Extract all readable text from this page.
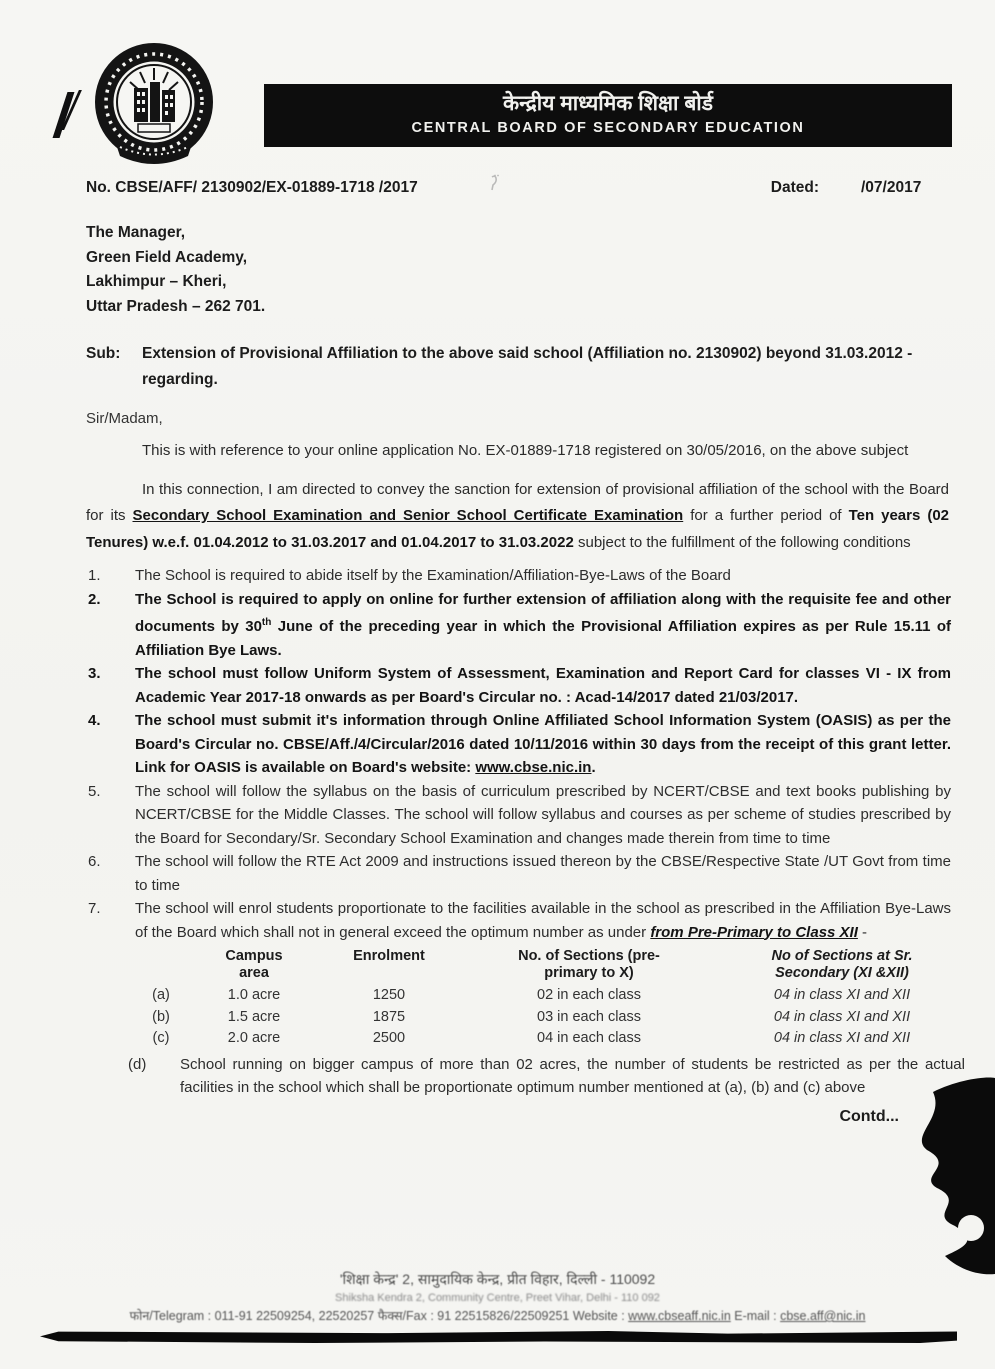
केन्द्रीय माध्यमिक शिक्षा बोर्ड
CENTRAL BOARD OF SECONDARY EDUCATION
No. CBSE/AFF/ 2130902/EX-01889-1718 /2017	Dated:	/07/2017
The Manager,
Green Field Academy,
Lakhimpur – Kheri,
Uttar Pradesh – 262 701.
Sub:	Extension of Provisional Affiliation to the above said school (Affiliation no. 2130902) beyond 31.03.2012 - regarding.
Sir/Madam,

This is with reference to your online application No. EX-01889-1718 registered on 30/05/2016, on the above subject

In this connection, I am directed to convey the sanction for extension of provisional affiliation of the school with the Board for its Secondary School Examination and Senior School Certificate Examination for a further period of Ten years (02 Tenures) w.e.f. 01.04.2012 to 31.03.2017 and 01.04.2017 to 31.03.2022 subject to the fulfillment of the following conditions

1.	The School is required to abide itself by the Examination/Affiliation-Bye-Laws of the Board
2.	The School is required to apply on online for further extension of affiliation along with the requisite fee and other documents by 30th June of the preceding year in which the Provisional Affiliation expires as per Rule 15.11 of Affiliation Bye Laws.
3.	The school must follow Uniform System of Assessment, Examination and Report Card for classes VI - IX from Academic Year 2017-18 onwards as per Board's Circular no. : Acad-14/2017 dated 21/03/2017.
4.	The school must submit it's information through Online Affiliated School Information System (OASIS) as per the Board's Circular no. CBSE/Aff./4/Circular/2016 dated 10/11/2016 within 30 days from the receipt of this grant letter. Link for OASIS is available on Board's website: www.cbse.nic.in.
5.	The school will follow the syllabus on the basis of curriculum prescribed by NCERT/CBSE and text books publishing by NCERT/CBSE for the Middle Classes. The school will follow syllabus and courses as per scheme of studies prescribed by the Board for Secondary/Sr. Secondary School Examination and changes made therein from time to time
6.	The school will follow the RTE Act 2009 and instructions issued thereon by the CBSE/Respective State /UT Govt from time to time
7.	The school will enrol students proportionate to the facilities available in the school as prescribed in the Affiliation Bye-Laws of the Board which shall not in general exceed the optimum number as under from Pre-Primary to Class XII -

	Campus area	Enrolment	No. of Sections (pre-primary to X)	No of Sections at Sr. Secondary (XI &XII)

(a)	1.0 acre	1250	02 in each class	04 in class XI and XII
(b)	1.5 acre	1875	03 in each class	04 in class XI and XII
(c)	2.0 acre	2500	04 in each class	04 in class XI and XII
(d)	School running on bigger campus of more than 02 acres, the number of students be restricted as per the actual facilities in the school which shall be proportionate optimum number mentioned at (a), (b) and (c) above
Contd...
'शिक्षा केन्द्र' 2, सामुदायिक केन्द्र, प्रीत विहार, दिल्ली - 110092
Shiksha Kendra 2, Community Centre, Preet Vihar, Delhi - 110 092
फोन/Telegram : 011-91 22509254, 22520257 फैक्स/Fax : 91 22515826/22509251 Website : www.cbseaff.nic.in E-mail : cbse.aff@nic.in
